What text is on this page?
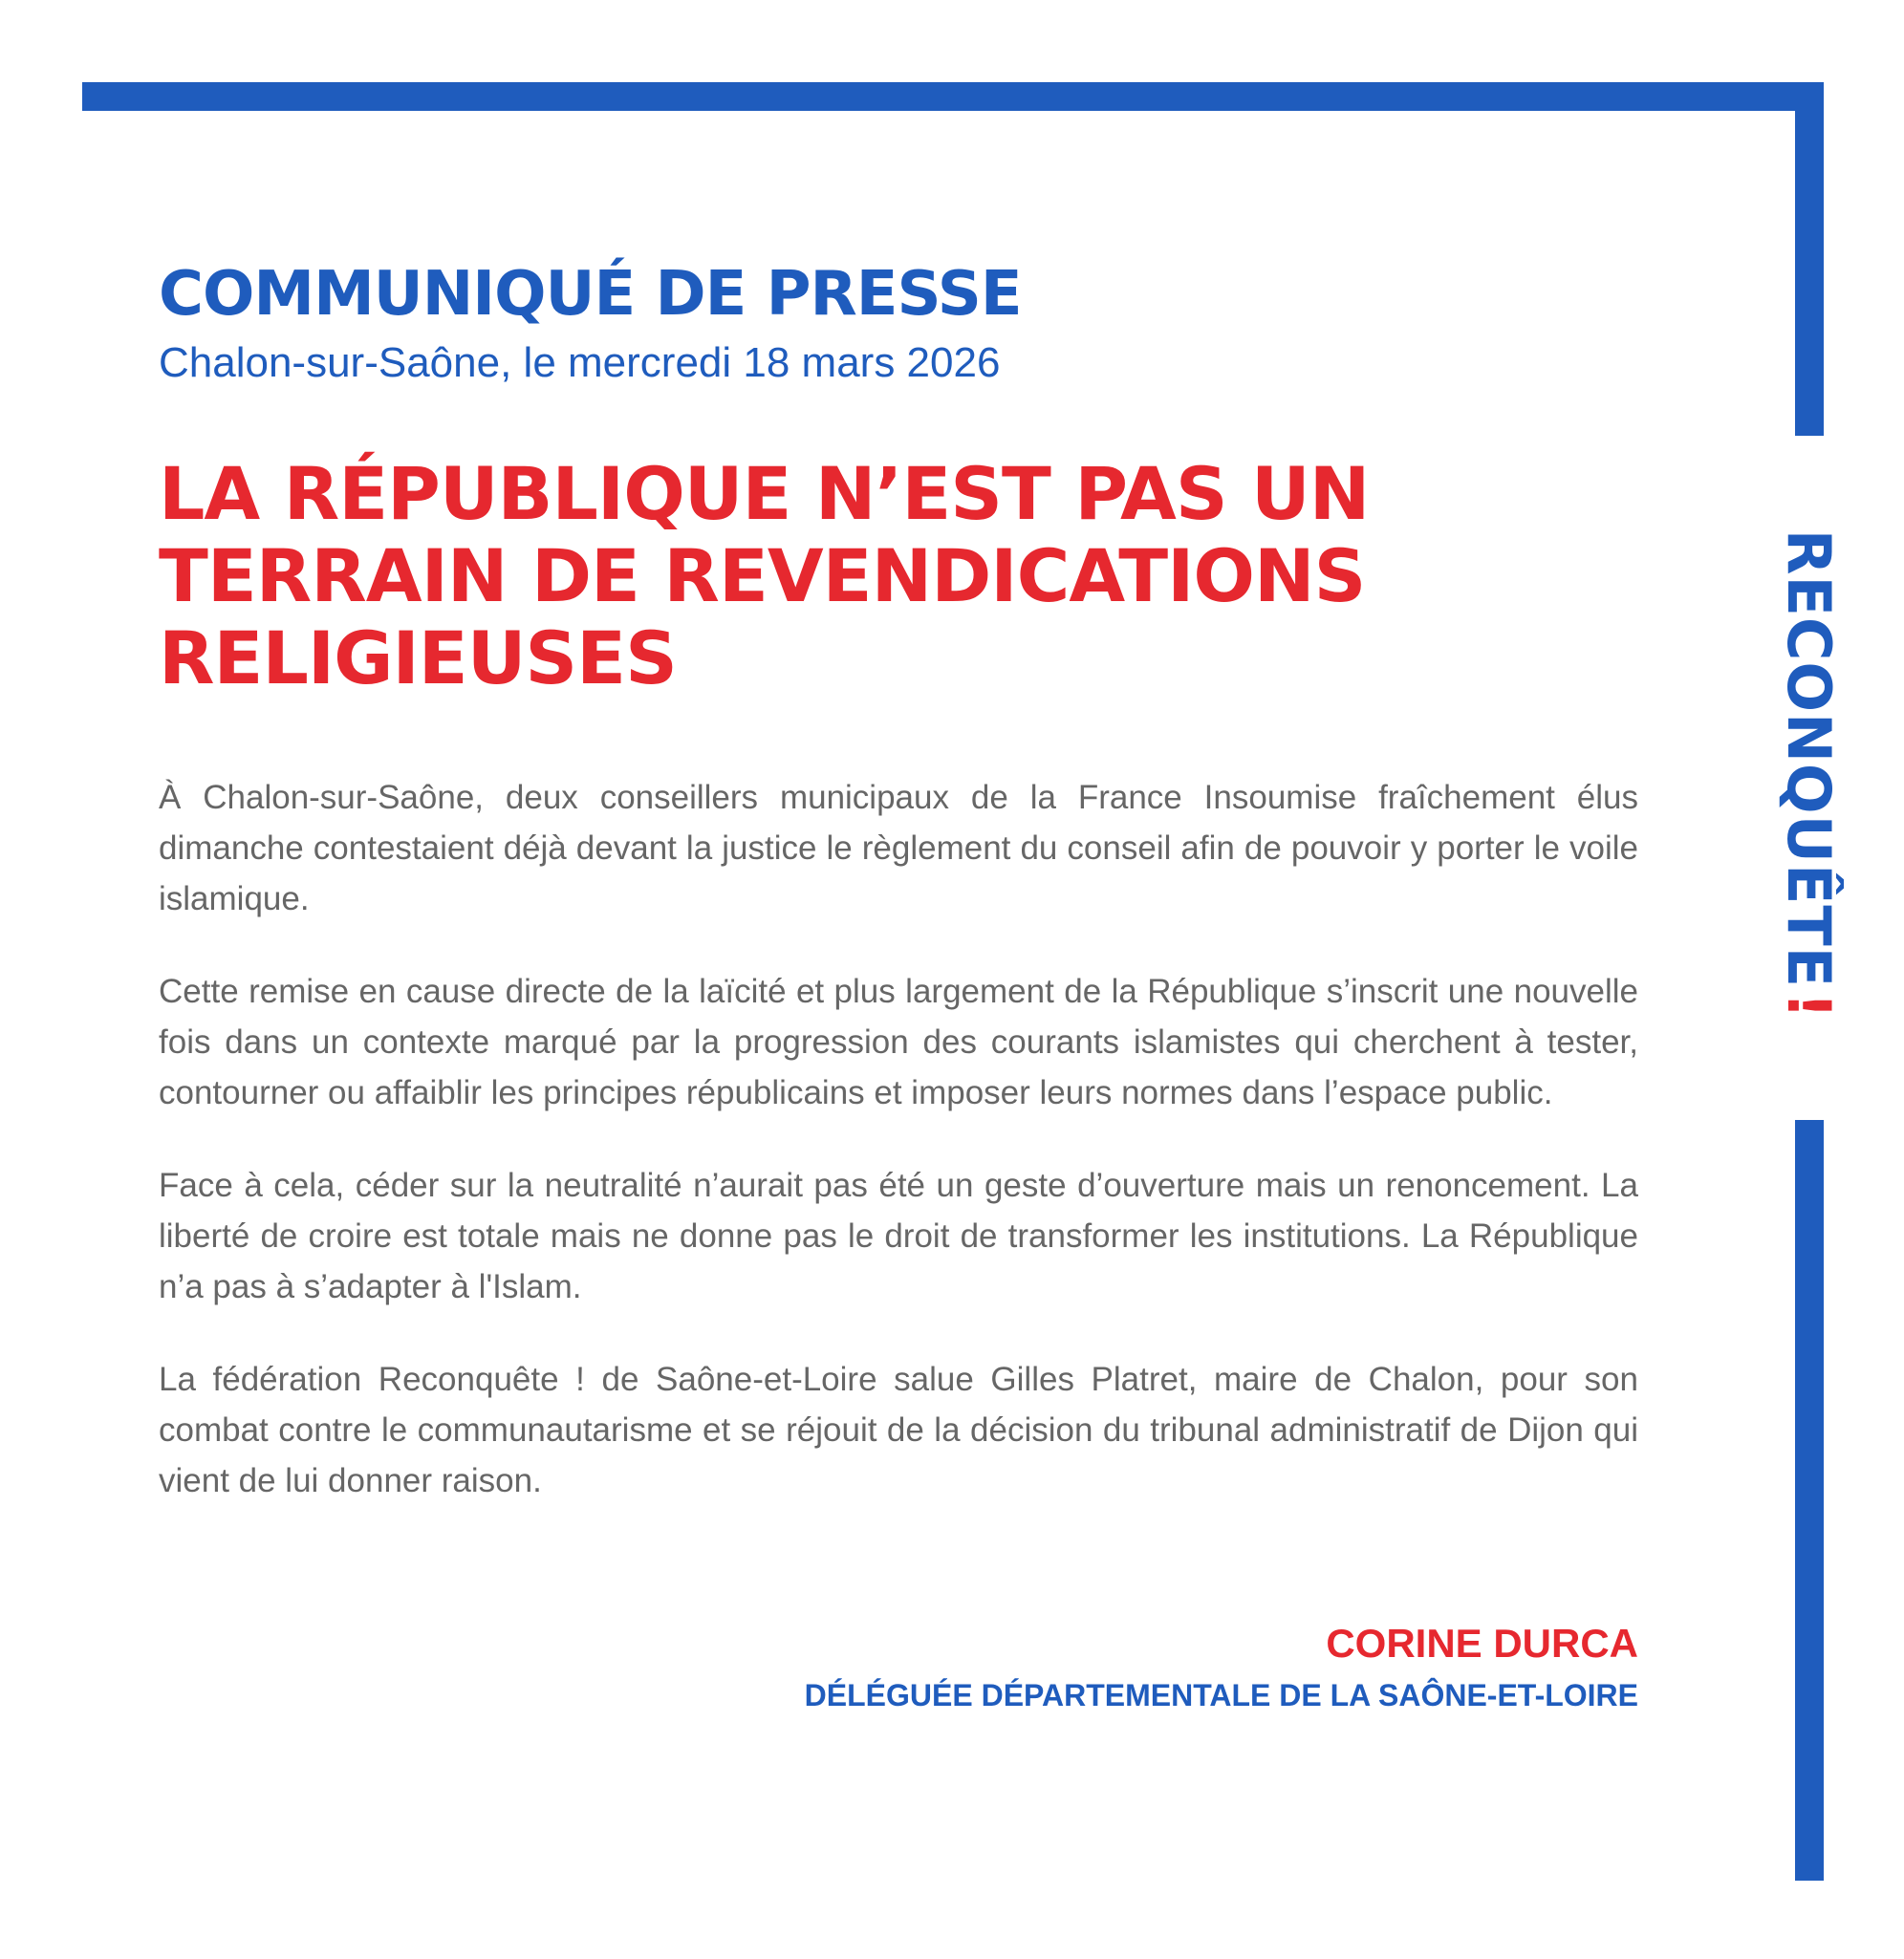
RECONQUÊTE
!
COMMUNIQUÉ DE PRESSE

Chalon-sur-Saône, le mercredi 18 mars 2026

LA RÉPUBLIQUE N’EST PAS UN
TERRAIN DE REVENDICATIONS
RELIGIEUSES

À Chalon-sur-Saône, deux conseillers municipaux de la France Insoumise fraîchement élus dimanche contestaient déjà devant la justice le règlement du conseil afin de pouvoir y porter le voile islamique.

Cette remise en cause directe de la laïcité et plus largement de la République s’inscrit une nouvelle fois dans un contexte marqué par la progression des courants islamistes qui cherchent à tester, contourner ou affaiblir les principes républicains et imposer leurs normes dans l’espace public.

Face à cela, céder sur la neutralité n’aurait pas été un geste d’ouverture mais un renoncement. La liberté de croire est totale mais ne donne pas le droit de transformer les institutions. La République n’a pas à s’adapter à l'Islam.

La fédération Reconquête ! de Saône-et-Loire salue Gilles Platret, maire de Chalon, pour son combat contre le communautarisme et se réjouit de la décision du tribunal administratif de Dijon qui vient de lui donner raison.

CORINE DURCA

DÉLÉGUÉE DÉPARTEMENTALE DE LA SAÔNE-ET-LOIRE
